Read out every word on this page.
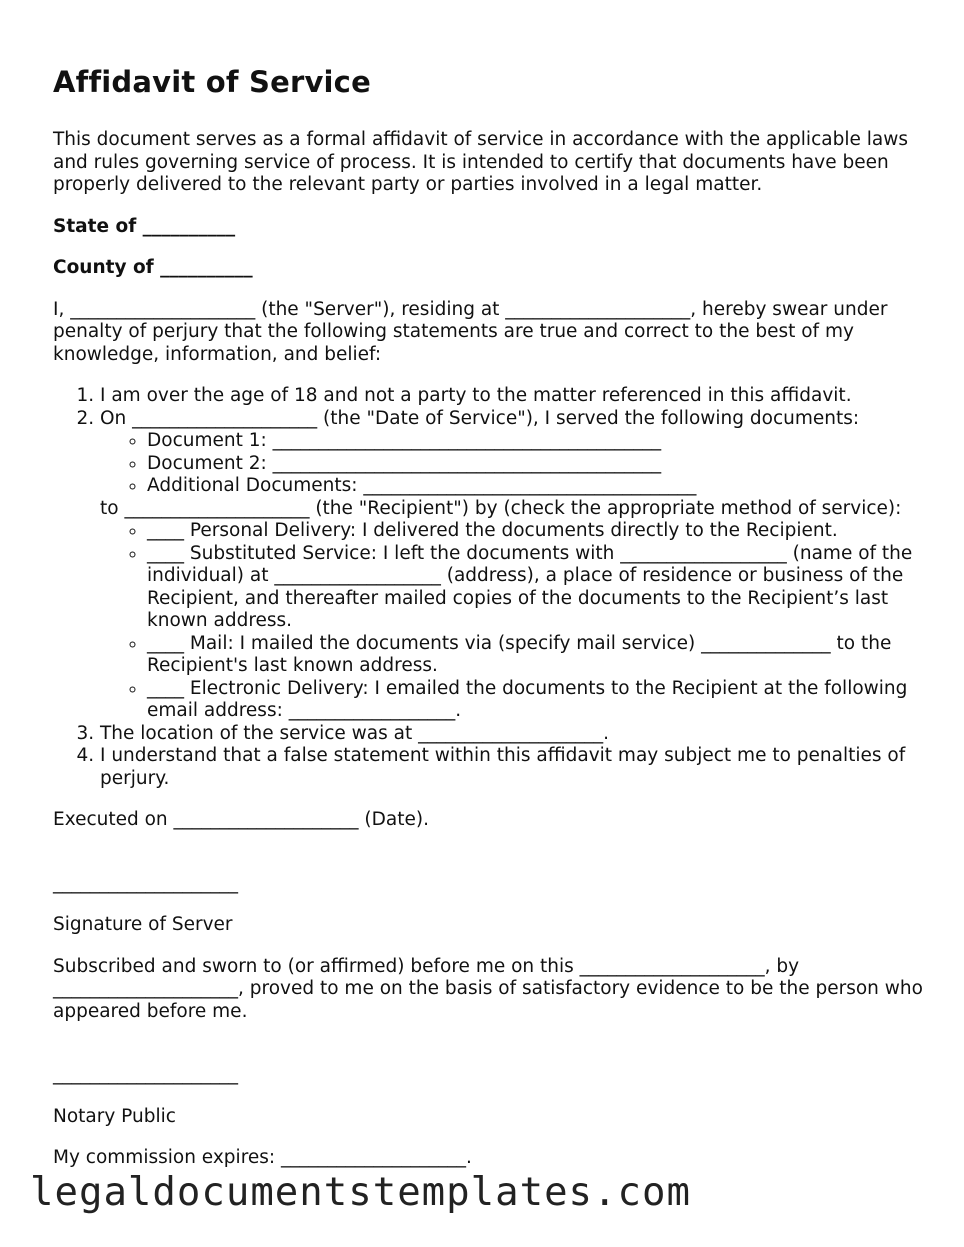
Affidavit of Service

This document serves as a formal affidavit of service in accordance with the applicable laws and rules governing service of process. It is intended to certify that documents have been properly delivered to the relevant party or parties involved in a legal matter.

State of __________

County of __________

I, ____________________ (the "Server"), residing at ____________________, hereby swear under penalty of perjury that the following statements are true and correct to the best of my knowledge, information, and belief:

1. I am over the age of 18 and not a party to the matter referenced in this affidavit.
2. On ____________________ (the "Date of Service"), I served the following documents:
◦ Document 1: __________________________________________
◦ Document 2: __________________________________________
◦ Additional Documents: ____________________________________
to ____________________ (the "Recipient") by (check the appropriate method of service):
◦ ____ Personal Delivery: I delivered the documents directly to the Recipient.
◦ ____ Substituted Service: I left the documents with __________________ (name of the individual) at __________________ (address), a place of residence or business of the Recipient, and thereafter mailed copies of the documents to the Recipient’s last known address.
◦ ____ Mail: I mailed the documents via (specify mail service) ______________ to the Recipient's last known address.
◦ ____ Electronic Delivery: I emailed the documents to the Recipient at the following email address: __________________.
3. The location of the service was at ____________________.
4. I understand that a false statement within this affidavit may subject me to penalties of perjury.

Executed on ____________________ (Date).

____________________

Signature of Server

Subscribed and sworn to (or affirmed) before me on this ____________________, by ____________________, proved to me on the basis of satisfactory evidence to be the person who appeared before me.

____________________

Notary Public

My commission expires: ____________________.

legaldocumentstemplates.com
